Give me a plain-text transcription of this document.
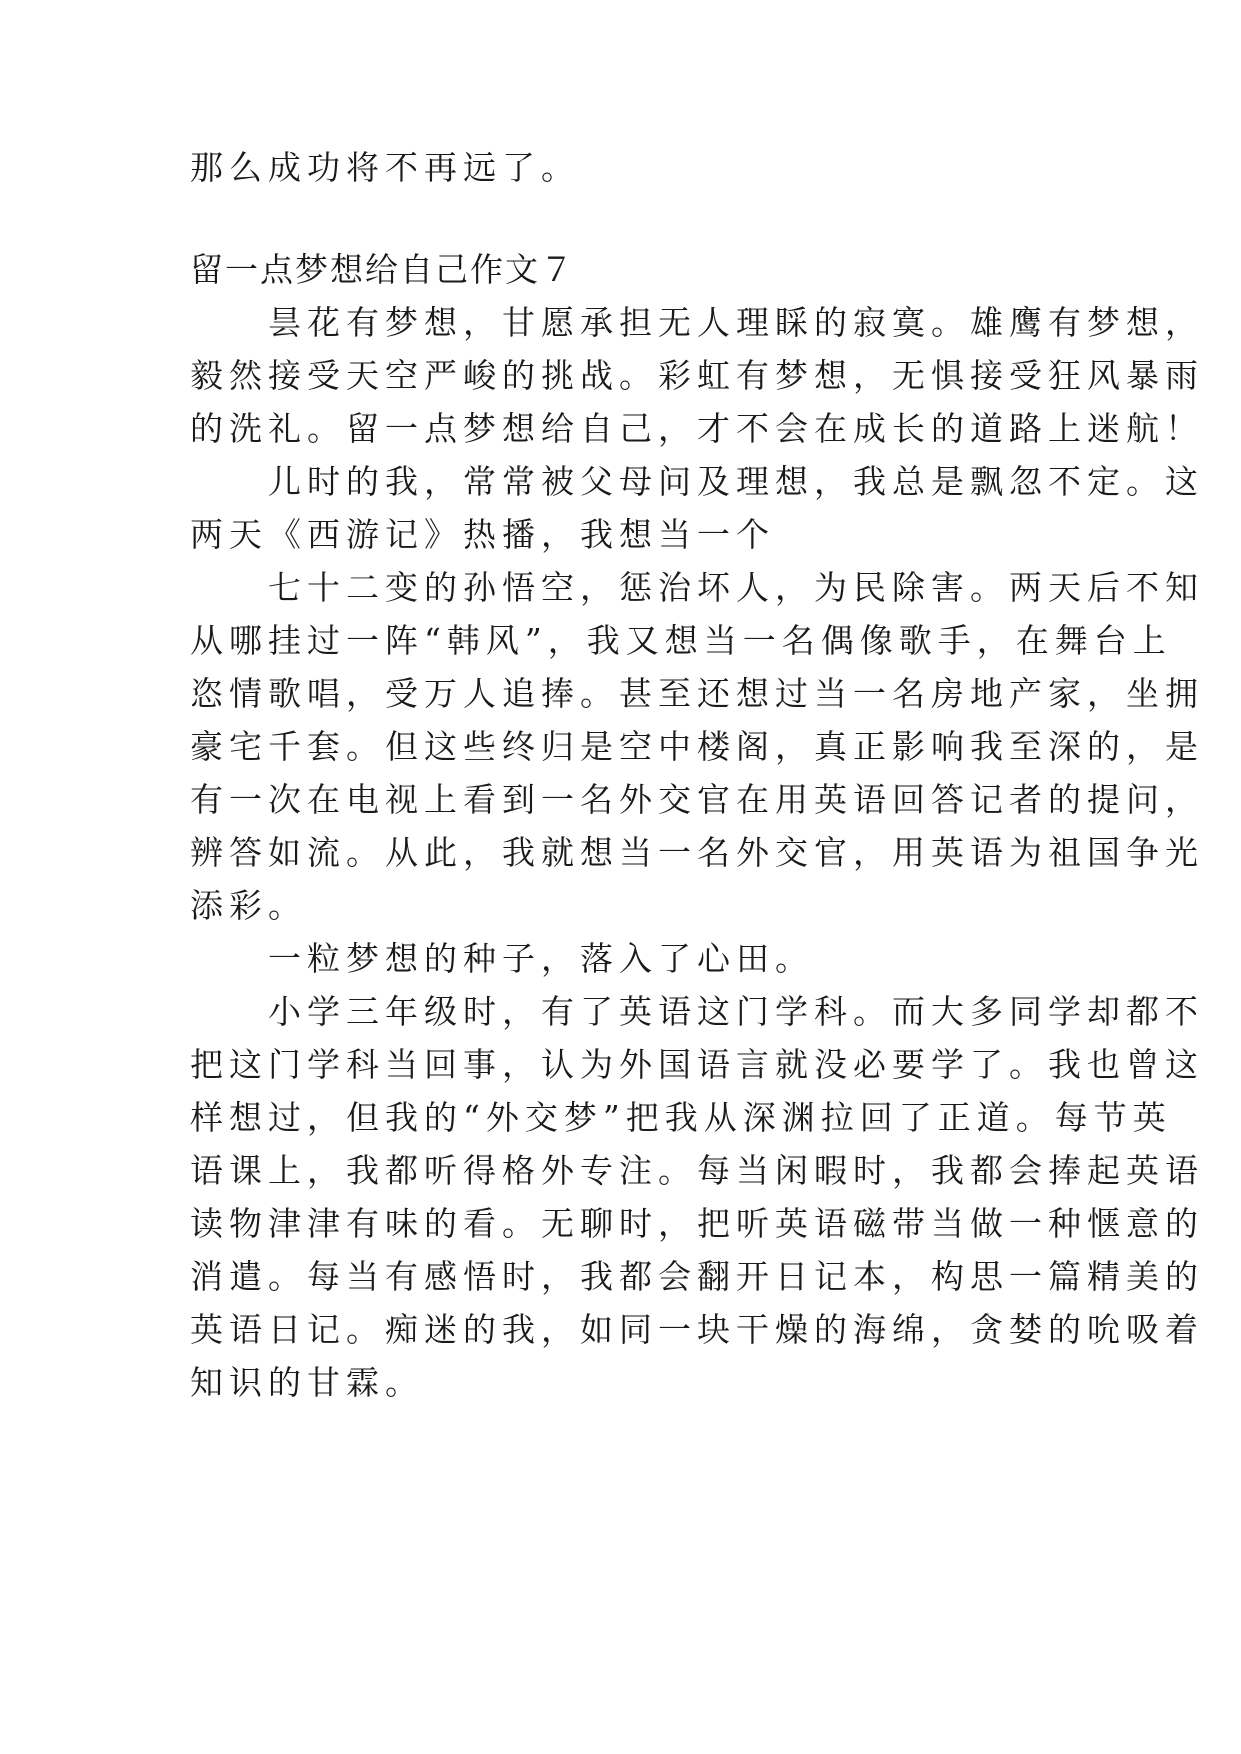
那么成功将不再远了。
留一点梦想给自己作文７
　　昙花有梦想，甘愿承担无人理睬的寂寞。雄鹰有梦想，
毅然接受天空严峻的挑战。彩虹有梦想，无惧接受狂风暴雨
的洗礼。留一点梦想给自己，才不会在成长的道路上迷航！
　　儿时的我，常常被父母问及理想，我总是飘忽不定。这
两天《西游记》热播，我想当一个
　　七十二变的孙悟空，惩治坏人，为民除害。两天后不知
从哪挂过一阵“韩风”，我又想当一名偶像歌手，在舞台上
恣情歌唱，受万人追捧。甚至还想过当一名房地产家，坐拥
豪宅千套。但这些终归是空中楼阁，真正影响我至深的，是
有一次在电视上看到一名外交官在用英语回答记者的提问，
辨答如流。从此，我就想当一名外交官，用英语为祖国争光
添彩。
　　一粒梦想的种子，落入了心田。
　　小学三年级时，有了英语这门学科。而大多同学却都不
把这门学科当回事，认为外国语言就没必要学了。我也曾这
样想过，但我的“外交梦”把我从深渊拉回了正道。每节英
语课上，我都听得格外专注。每当闲暇时，我都会捧起英语
读物津津有味的看。无聊时，把听英语磁带当做一种惬意的
消遣。每当有感悟时，我都会翻开日记本，构思一篇精美的
英语日记。痴迷的我，如同一块干燥的海绵，贪婪的吮吸着
知识的甘霖。
